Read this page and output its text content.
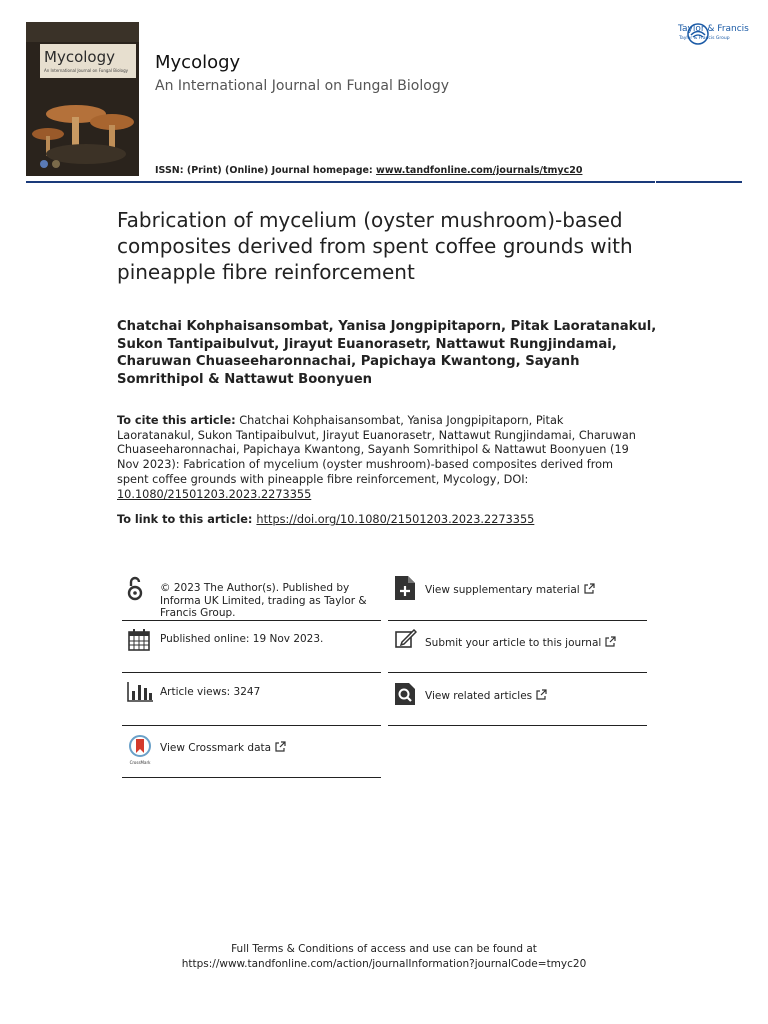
Mycology
An International Journal on Fungal Biology	Mycology
An International Journal on Fungal Biology
ISSN: (Print) (Online) Journal homepage: www.tandfonline.com/journals/tmyc20
Taylor & Francis
Taylor & Francis Group
Fabrication of mycelium (oyster mushroom)-based composites derived from spent coffee grounds with pineapple fibre reinforcement
Chatchai Kohphaisansombat, Yanisa Jongpipitaporn, Pitak Laoratanakul, Sukon Tantipaibulvut, Jirayut Euanorasetr, Nattawut Rungjindamai, Charuwan Chuaseeharonnachai, Papichaya Kwantong, Sayanh Somrithipol & Nattawut Boonyuen
To cite this article: Chatchai Kohphaisansombat, Yanisa Jongpipitaporn, Pitak Laoratanakul, Sukon Tantipaibulvut, Jirayut Euanorasetr, Nattawut Rungjindamai, Charuwan Chuaseeharonnachai, Papichaya Kwantong, Sayanh Somrithipol & Nattawut Boonyuen (19 Nov 2023): Fabrication of mycelium (oyster mushroom)-based composites derived from spent coffee grounds with pineapple fibre reinforcement, Mycology, DOI: 10.1080/21501203.2023.2273355
To link to this article: https://doi.org/10.1080/21501203.2023.2273355
© 2023 The Author(s). Published by Informa UK Limited, trading as Taylor & Francis Group.
Published online: 19 Nov 2023.
Article views: 3247
CrossMark
View Crossmark data
View supplementary material
Submit your article to this journal
View related articles
Full Terms & Conditions of access and use can be found at
https://www.tandfonline.com/action/journalInformation?journalCode=tmyc20
